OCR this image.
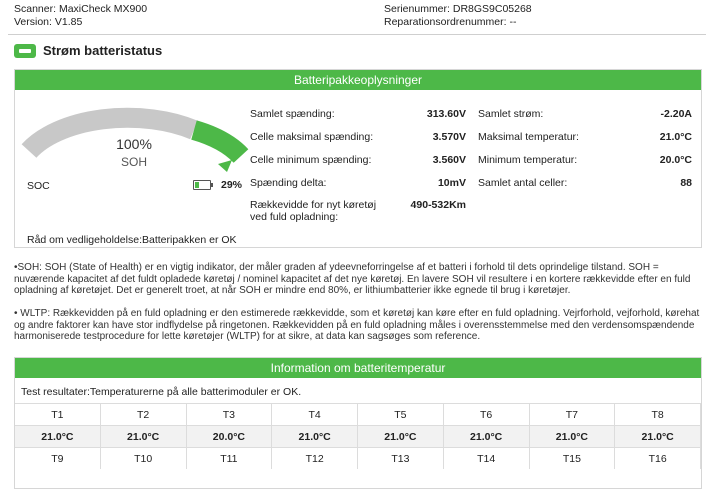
Scanner: MaxiCheck MX900
Version: V1.85
Serienummer: DR8GS9C05268
Reparationsordrenummer: --
Strøm batteristatus
Batteripakkeoplysninger
100%
SOH
SOC	29%
Råd om vedligeholdelse:Batteripakken er OK
Samlet spænding:	313.60V
Celle maksimal spænding:	3.570V
Celle minimum spænding:	3.560V
Spænding delta:	10mV
Rækkevidde for nyt køretøj ved fuld opladning:
490-532Km
Samlet strøm:	-2.20A
Maksimal temperatur:	21.0°C
Minimum temperatur:	20.0°C
Samlet antal celler:	88
•SOH: SOH (State of Health) er en vigtig indikator, der måler graden af ydeevneforringelse af et batteri i forhold til dets oprindelige tilstand. SOH = nuværende kapacitet af det fuldt opladede køretøj / nominel kapacitet af det nye køretøj. En lavere SOH vil resultere i en kortere rækkevidde efter en fuld opladning af køretøjet. Det er generelt troet, at når SOH er mindre end 80%, er lithiumbatterier ikke egnede til brug i køretøjer.
• WLTP: Rækkevidden på en fuld opladning er den estimerede rækkevidde, som et køretøj kan køre efter en fuld opladning. Vejrforhold, vejforhold, kørehat og andre faktorer kan have stor indflydelse på ringetonen. Rækkevidden på en fuld opladning måles i overensstemmelse med den verdensomspændende harmoniserede testprocedure for lette køretøjer (WLTP) for at sikre, at data kan sagsøges som reference.
Information om batteritemperatur
Test resultater:Temperaturerne på alle batterimoduler er OK.
T1	T2	T3	T4	T5	T6	T7	T8
21.0°C	21.0°C	20.0°C	21.0°C	21.0°C	21.0°C	21.0°C	21.0°C
T9	T10	T11	T12	T13	T14	T15	T16
